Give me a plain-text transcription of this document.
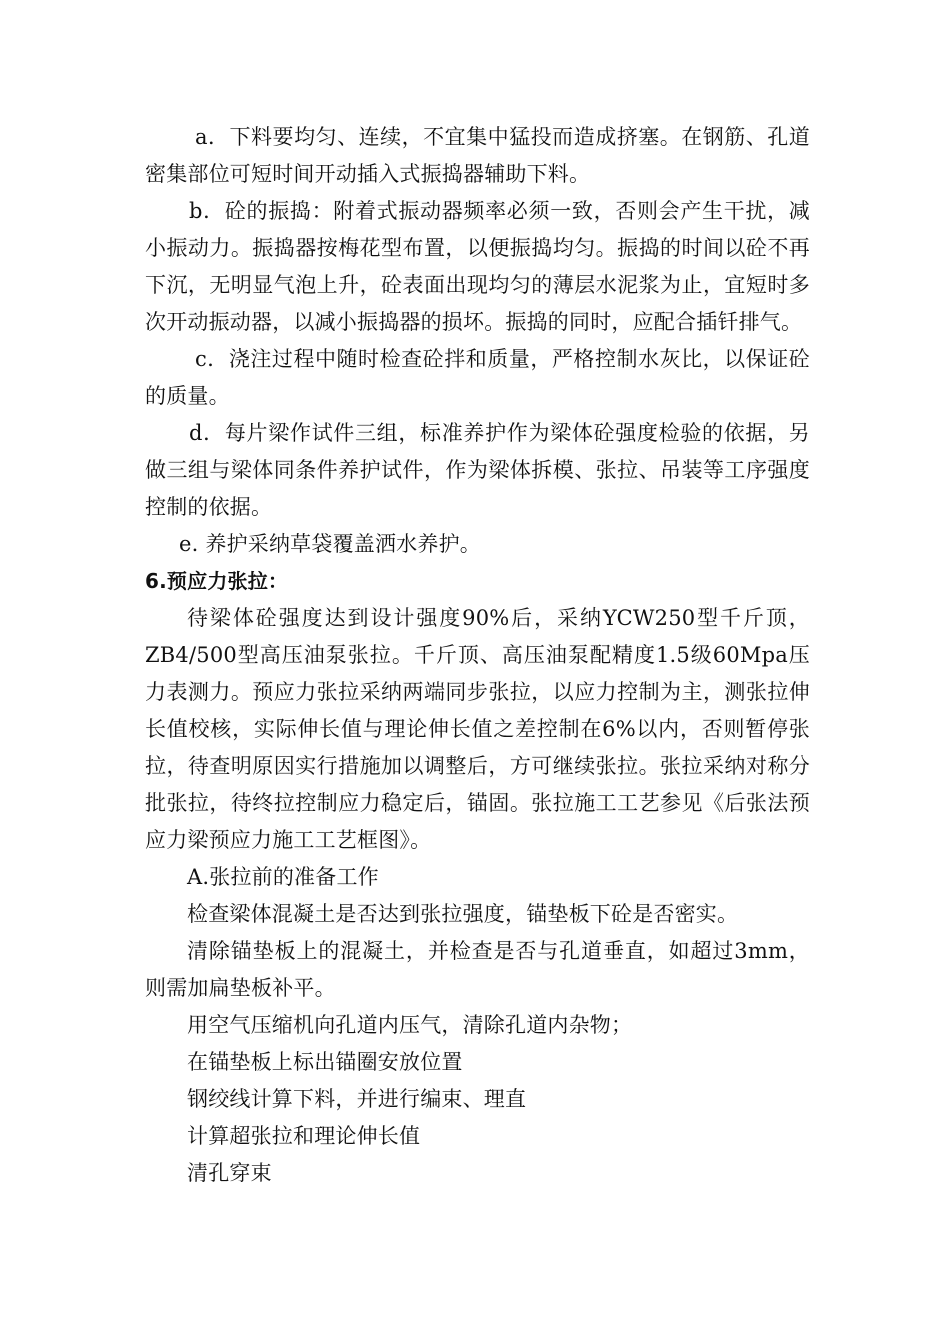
a．下料要均匀、连续，不宜集中猛投而造成挤塞。在钢筋、孔道密集部位可短时间开动插入式振捣器辅助下料。

b．砼的振捣：附着式振动器频率必须一致，否则会产生干扰，减小振动力。振捣器按梅花型布置，以便振捣均匀。振捣的时间以砼不再下沉，无明显气泡上升，砼表面出现均匀的薄层水泥浆为止，宜短时多次开动振动器，以减小振捣器的损坏。振捣的同时，应配合插钎排气。

c．浇注过程中随时检查砼拌和质量，严格控制水灰比，以保证砼的质量。

d．每片梁作试件三组，标准养护作为梁体砼强度检验的依据，另做三组与梁体同条件养护试件，作为梁体拆模、张拉、吊装等工序强度控制的依据。

e. 养护采纳草袋覆盖洒水养护。

6.预应力张拉：

待梁体砼强度达到设计强度90%后，采纳YCW250型千斤顶，ZB4/500型高压油泵张拉。千斤顶、高压油泵配精度1.5级60Mpa压力表测力。预应力张拉采纳两端同步张拉，以应力控制为主，测张拉伸长值校核，实际伸长值与理论伸长值之差控制在6%以内，否则暂停张拉，待查明原因实行措施加以调整后，方可继续张拉。张拉采纳对称分批张拉，待终拉控制应力稳定后，锚固。张拉施工工艺参见《后张法预应力梁预应力施工工艺框图》。

A.张拉前的准备工作

检查梁体混凝土是否达到张拉强度，锚垫板下砼是否密实。

清除锚垫板上的混凝土，并检查是否与孔道垂直，如超过3mm，则需加扁垫板补平。

用空气压缩机向孔道内压气，清除孔道内杂物；

在锚垫板上标出锚圈安放位置

钢绞线计算下料，并进行编束、理直

计算超张拉和理论伸长值

清孔穿束
